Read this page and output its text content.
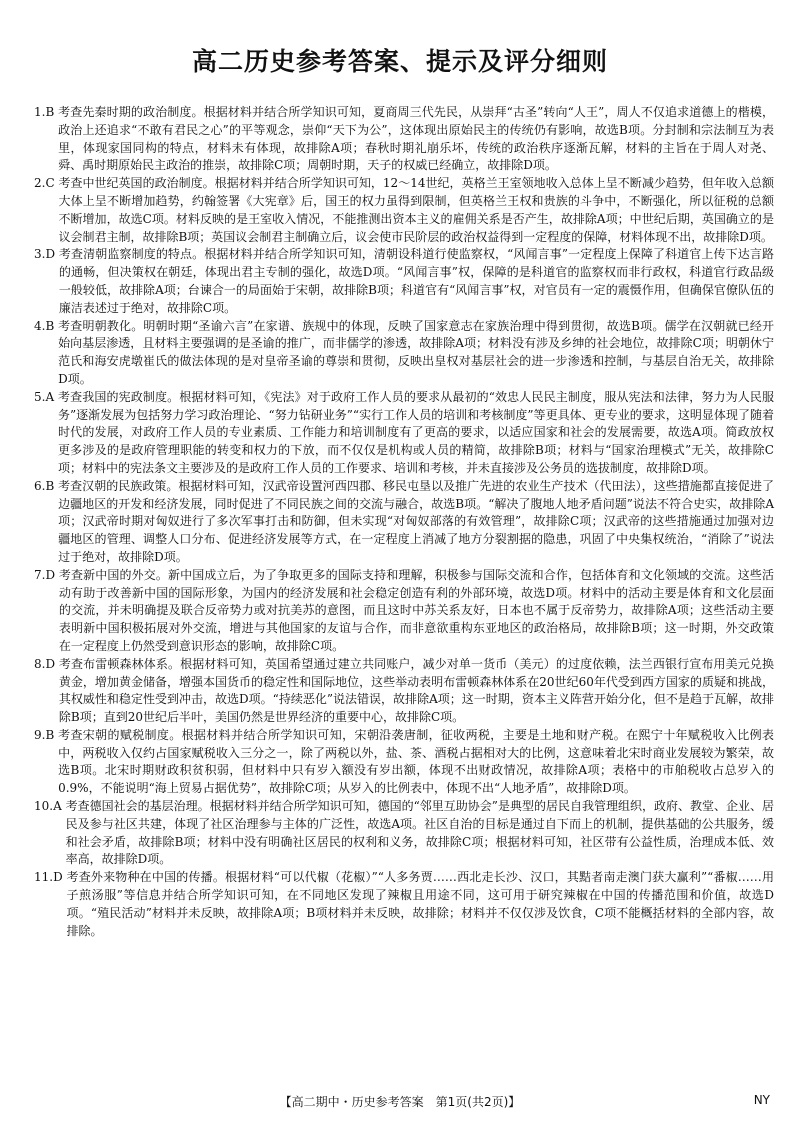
高二历史参考答案、提示及评分细则
1.B 考查先秦时期的政治制度。根据材料并结合所学知识可知，夏商周三代先民，从崇拜“古圣”转向“人王”，周人不仅追求道德上的楷模，政治上还追求“不敢有君民之心”的平等观念，崇仰“天下为公”，这体现出原始民主的传统仍有影响，故选B项。分封制和宗法制互为表里，体现家国同构的特点，材料未有体现，故排除A项；春秋时期礼崩乐坏，传统的政治秩序逐渐瓦解，材料的主旨在于周人对尧、舜、禹时期原始民主政治的推崇，故排除C项；周朝时期，天子的权威已经确立，故排除D项。
2.C 考查中世纪英国的政治制度。根据材料并结合所学知识可知，12～14世纪，英格兰王室领地收入总体上呈不断减少趋势，但年收入总额大体上呈不断增加趋势，约翰签署《大宪章》后，国王的权力虽得到限制，但英格兰王权和贵族的斗争中，不断强化，所以征税的总额不断增加，故选C项。材料反映的是王室收入情况，不能推测出资本主义的雇佣关系是否产生，故排除A项；中世纪后期，英国确立的是议会制君主制，故排除B项；英国议会制君主制确立后，议会使市民阶层的政治权益得到一定程度的保障，材料体现不出，故排除D项。
3.D 考查清朝监察制度的特点。根据材料并结合所学知识可知，清朝设科道行使监察权，“风闻言事”一定程度上保障了科道官上传下达言路的通畅，但决策权在朝廷，体现出君主专制的强化，故选D项。“风闻言事”权，保障的是科道官的监察权而非行政权，科道官行政品级一般较低，故排除A项；台谏合一的局面始于宋朝，故排除B项；科道官有“风闻言事”权，对官员有一定的震慑作用，但确保官僚队伍的廉洁表述过于绝对，故排除C项。
4.B 考查明朝教化。明朝时期“圣谕六言”在家谱、族规中的体现，反映了国家意志在家族治理中得到贯彻，故选B项。儒学在汉朝就已经开始向基层渗透，且材料主要强调的是圣谕的推广，而非儒学的渗透，故排除A项；材料没有涉及乡绅的社会地位，故排除C项；明朝休宁范氏和海安虎墩崔氏的做法体现的是对皇帝圣谕的尊崇和贯彻，反映出皇权对基层社会的进一步渗透和控制，与基层自治无关，故排除D项。
5.A 考查我国的宪政制度。根据材料可知，《宪法》对于政府工作人员的要求从最初的“效忠人民民主制度，服从宪法和法律，努力为人民服务”逐渐发展为包括努力学习政治理论、“努力钻研业务”“实行工作人员的培训和考核制度”等更具体、更专业的要求，这明显体现了随着时代的发展，对政府工作人员的专业素质、工作能力和培训制度有了更高的要求，以适应国家和社会的发展需要，故选A项。简政放权更多涉及的是政府管理职能的转变和权力的下放，而不仅仅是机构或人员的精简，故排除B项；材料与“国家治理模式”无关，故排除C项；材料中的宪法条文主要涉及的是政府工作人员的工作要求、培训和考核，并未直接涉及公务员的选拔制度，故排除D项。
6.B 考查汉朝的民族政策。根据材料可知，汉武帝设置河西四郡、移民屯垦以及推广先进的农业生产技术（代田法），这些措施都直接促进了边疆地区的开发和经济发展，同时促进了不同民族之间的交流与融合，故选B项。“解决了腹地人地矛盾问题”说法不符合史实，故排除A项；汉武帝时期对匈奴进行了多次军事打击和防御，但未实现“对匈奴部落的有效管理”，故排除C项；汉武帝的这些措施通过加强对边疆地区的管理、调整人口分布、促进经济发展等方式，在一定程度上消减了地方分裂割据的隐患，巩固了中央集权统治，“消除了”说法过于绝对，故排除D项。
7.D 考查新中国的外交。新中国成立后，为了争取更多的国际支持和理解，积极参与国际交流和合作，包括体育和文化领域的交流。这些活动有助于改善新中国的国际形象，为国内的经济发展和社会稳定创造有利的外部环境，故选D项。材料中的活动主要是体育和文化层面的交流，并未明确提及联合反帝势力或对抗美苏的意图，而且这时中苏关系友好，日本也不属于反帝势力，故排除A项；这些活动主要表明新中国积极拓展对外交流，增进与其他国家的友谊与合作，而非意欲重构东亚地区的政治格局，故排除B项；这一时期，外交政策在一定程度上仍然受到意识形态的影响，故排除C项。
8.D 考查布雷顿森林体系。根据材料可知，英国希望通过建立共同账户，减少对单一货币（美元）的过度依赖，法兰西银行宣布用美元兑换黄金，增加黄金储备，增强本国货币的稳定性和国际地位，这些举动表明布雷顿森林体系在20世纪60年代受到西方国家的质疑和挑战，其权威性和稳定性受到冲击，故选D项。“持续恶化”说法错误，故排除A项；这一时期，资本主义阵营开始分化，但不是趋于瓦解，故排除B项；直到20世纪后半叶，美国仍然是世界经济的重要中心，故排除C项。
9.B 考查宋朝的赋税制度。根据材料并结合所学知识可知，宋朝沿袭唐制，征收两税，主要是土地和财产税。在熙宁十年赋税收入比例表中，两税收入仅约占国家赋税收入三分之一，除了两税以外，盐、茶、酒税占据相对大的比例，这意味着北宋时商业发展较为繁荣，故选B项。北宋时期财政积贫积弱，但材料中只有岁入额没有岁出额，体现不出财政情况，故排除A项；表格中的市舶税收占总岁入的0.9%，不能说明“海上贸易占据优势”，故排除C项；从岁入的比例表中，体现不出“人地矛盾”，故排除D项。
10.A 考查德国社会的基层治理。根据材料并结合所学知识可知，德国的“邻里互助协会”是典型的居民自我管理组织，政府、教堂、企业、居民及参与社区共建，体现了社区治理参与主体的广泛性，故选A项。社区自治的目标是通过自下而上的机制，提供基础的公共服务，缓和社会矛盾，故排除B项；材料中没有明确社区居民的权利和义务，故排除C项；根据材料可知，社区带有公益性质，治理成本低、效率高，故排除D项。
11.D 考查外来物种在中国的传播。根据材料“可以代椒（花椒）”“人多务贾……西北走长沙、汉口，其黠者南走澳门获大赢利”“番椒……用子煎汤服”等信息并结合所学知识可知，在不同地区发现了辣椒且用途不同，这可用于研究辣椒在中国的传播范围和价值，故选D项。“殖民活动”材料并未反映，故排除A项；B项材料并未反映，故排除；材料并不仅仅涉及饮食，C项不能概括材料的全部内容，故排除。
【高二期中・历史参考答案　第1页(共2页)】	NY
